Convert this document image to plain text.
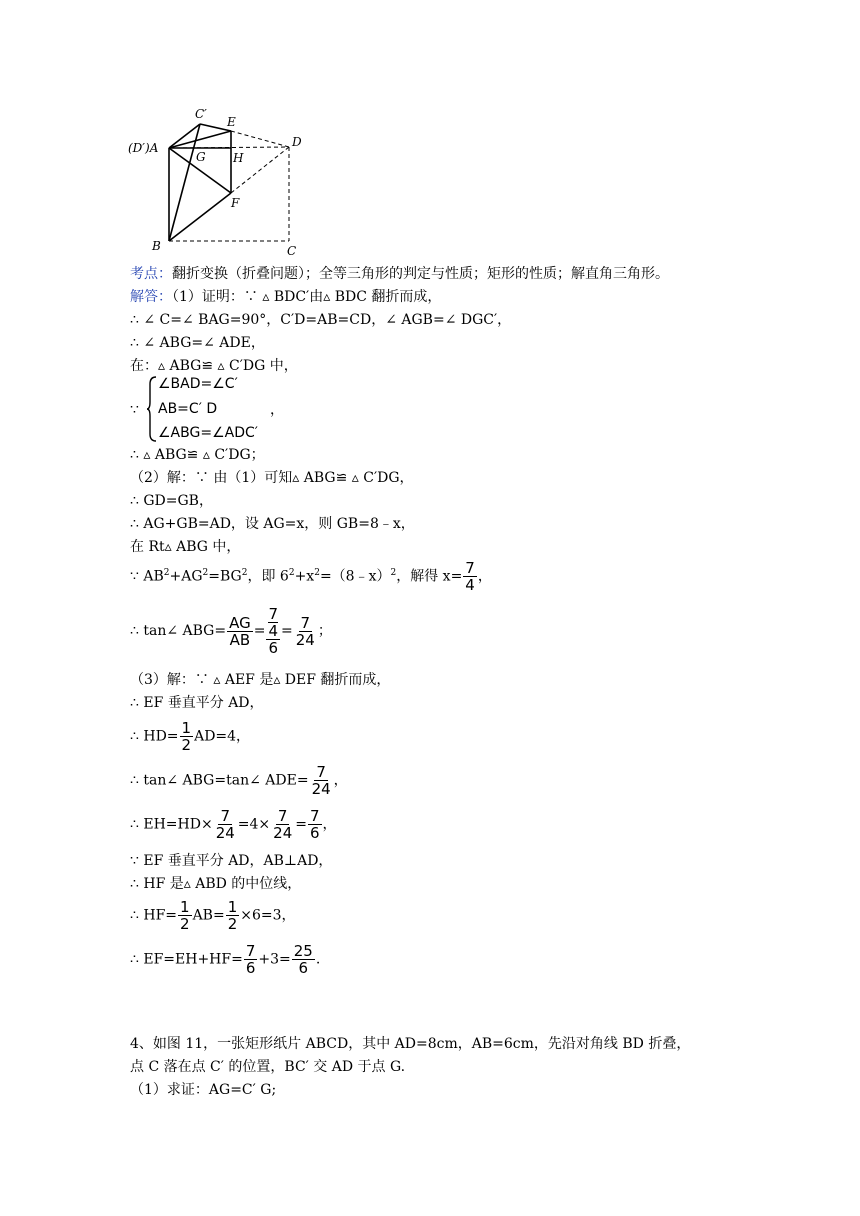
C′
E
(D′)A
G H
D
F
B	C
考点：翻折变换（折叠问题）；全等三角形的判定与性质；矩形的性质；解直角三角形。
解答：（1）证明：∵ ▵ BDC′由▵ BDC 翻折而成，
∴ ∠ C=∠ BAG=90°，C′D=AB=CD，∠ AGB=∠ DGC′，
∴ ∠ ABG=∠ ADE，
在：▵ ABG≌ ▵ C′DG 中，
∵
∠BAD=∠C′
AB=C′ D
∠ABG=∠ADC′
，
∴ ▵ ABG≌ ▵ C′DG；
（2）解：∵ 由（1）可知▵ ABG≌ ▵ C′DG，
∴ GD=GB，
∴ AG+GB=AD，设 AG=x，则 GB=8﹣x，
在 Rt▵ ABG 中，
∵ $AB^2+AG^2=BG^2$，即 $6^2+x^2=(8﹣x)^2$，解得 $x= \frac{7}{4}$ ，
∴ tan∠ $ABG= \frac{AG}{AB} = 7$
4
$6 = \frac{7}{24}$ ；
（3）解：∵ ▵ AEF 是▵ DEF 翻折而成，
∴ EF 垂直平分 AD，
∴ $HD= \frac{1}{2} AD=4$，
∴ tan∠ ABG=tan∠ $ADE= \frac{7}{24}$ ，
∴ $EH=HD\times \frac{7}{24} =4\times \frac{7}{24} = \frac{7}{6}$ ，
∵ EF 垂直平分 AD，AB⊥AD，
∴ HF 是▵ ABD 的中位线，
∴ $HF= \frac{1}{2} AB= \frac{1}{2} \times 6=3$，
∴ $EF=EH+HF= \frac{7}{6} +3= \frac{25}{6}$ .
4、如图 11，一张矩形纸片 ABCD，其中 AD=8cm，AB=6cm，先沿对角线 BD 折叠，
点 C 落在点 C′ 的位置，BC′ 交 AD 于点 G.
（1）求证：AG=C′ G;
